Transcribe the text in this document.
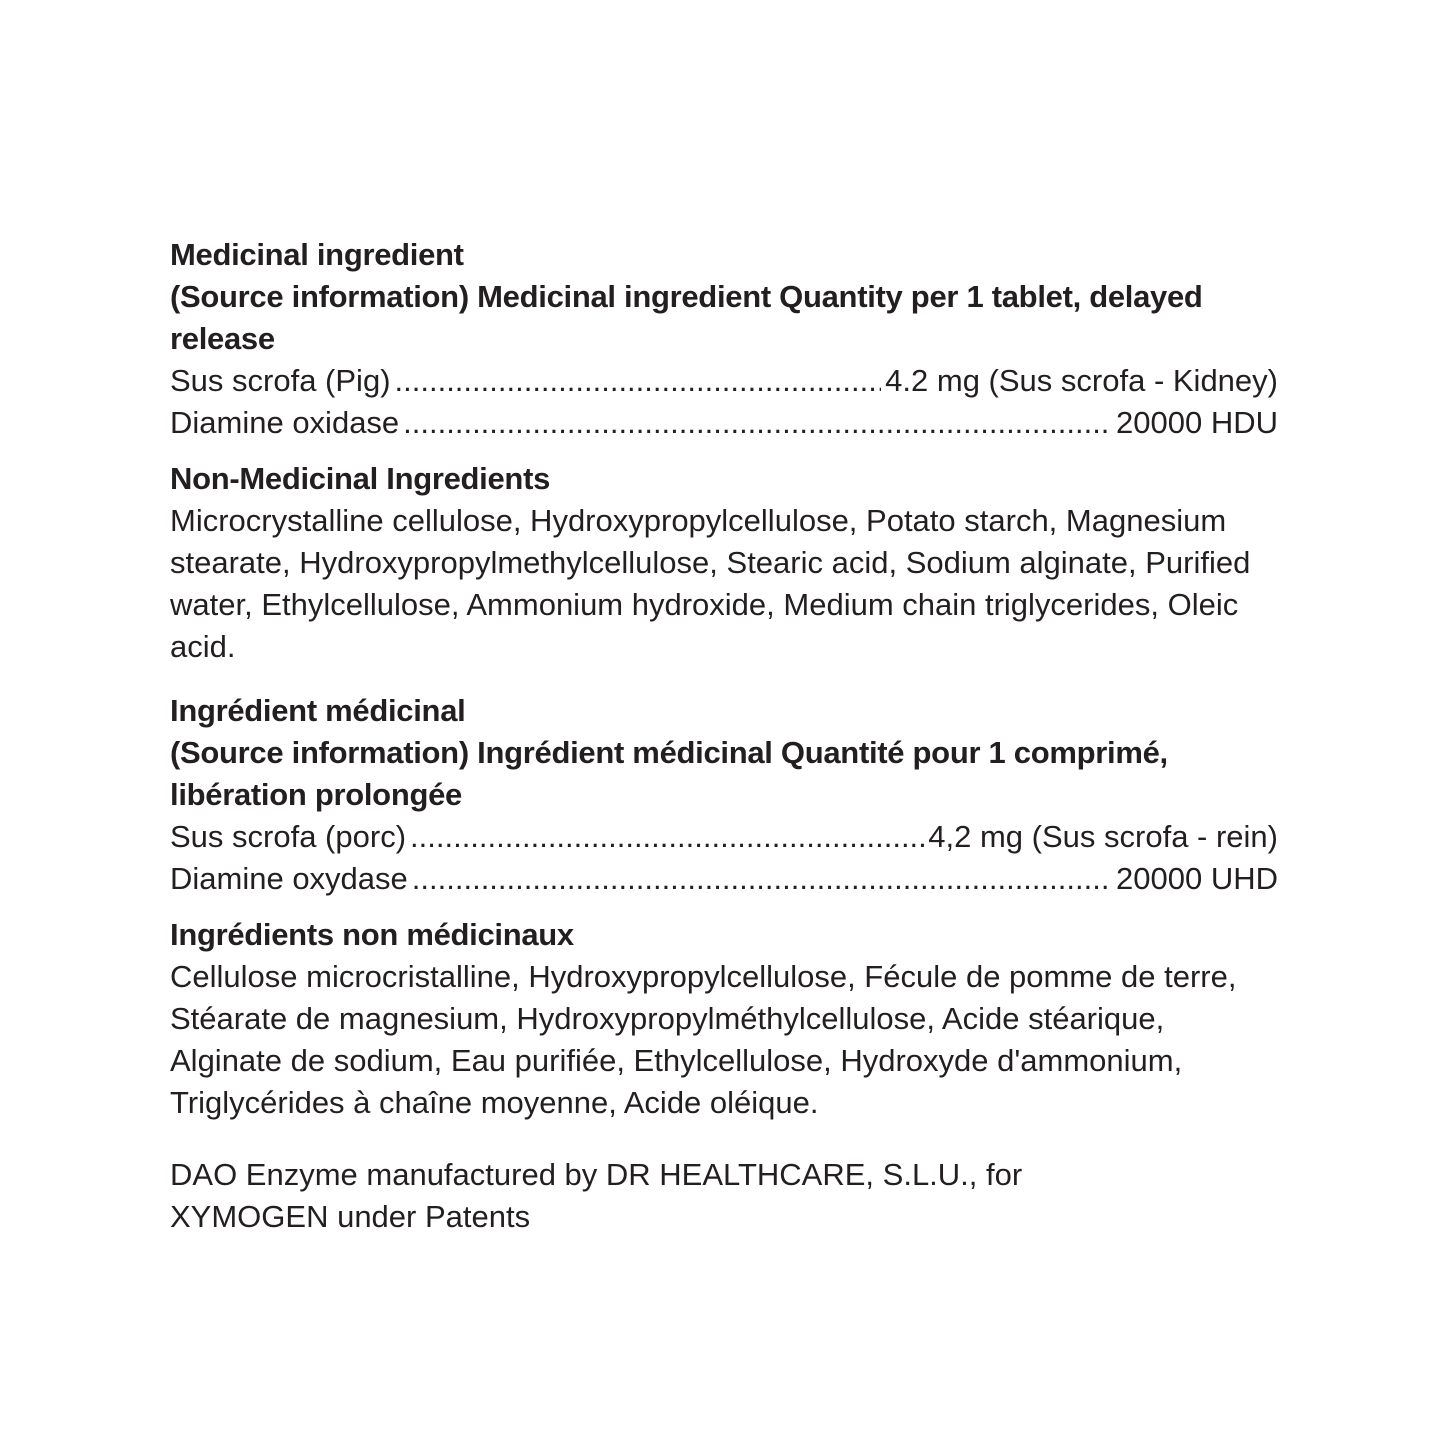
Medicinal ingredient
(Source information) Medicinal ingredient Quantity per 1 tablet, delayed release
Sus scrofa (Pig) .....	4.2 mg (Sus scrofa - Kidney)
Diamine oxidase .....	20000 HDU
Non-Medicinal Ingredients

Microcrystalline cellulose, Hydroxypropylcellulose, Potato starch, Magnesium stearate, Hydroxypropylmethylcellulose, Stearic acid, Sodium alginate, Purified water, Ethylcellulose, Ammonium hydroxide, Medium chain triglycerides, Oleic acid.

Ingrédient médicinal
(Source information) Ingrédient médicinal Quantité pour 1 comprimé, libération prolongée
Sus scrofa (porc) .....	4,2 mg (Sus scrofa - rein)
Diamine oxydase .....	20000 UHD
Ingrédients non médicinaux

Cellulose microcristalline, Hydroxypropylcellulose, Fécule de pomme de terre, Stéarate de magnesium, Hydroxypropylméthylcellulose, Acide stéarique, Alginate de sodium, Eau purifiée, Ethylcellulose, Hydroxyde d'ammonium, Triglycérides à chaîne moyenne, Acide oléique.

DAO Enzyme manufactured by DR HEALTHCARE, S.L.U., for XYMOGEN under Patents
